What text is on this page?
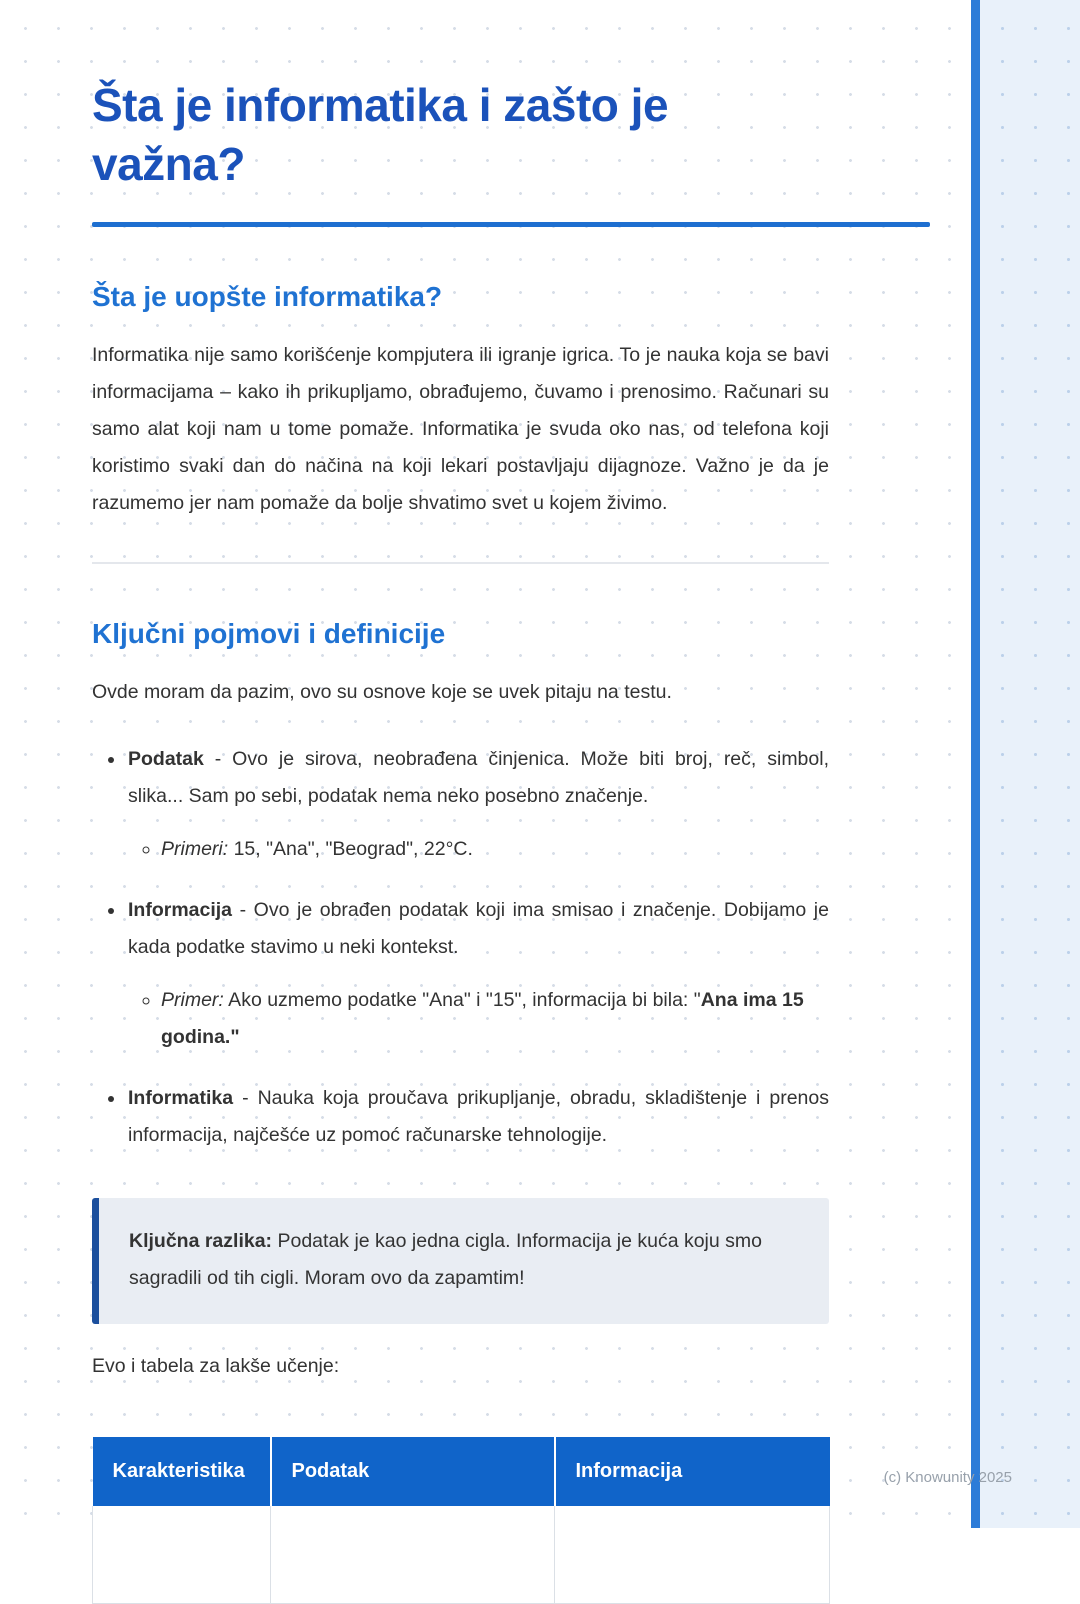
Šta je informatika i zašto je važna?
Šta je uopšte informatika?

Informatika nije samo korišćenje kompjutera ili igranje igrica. To je nauka koja se bavi informacijama – kako ih prikupljamo, obrađujemo, čuvamo i prenosimo. Računari su samo alat koji nam u tome pomaže. Informatika je svuda oko nas, od telefona koji koristimo svaki dan do načina na koji lekari postavljaju dijagnoze. Važno je da je razumemo jer nam pomaže da bolje shvatimo svet u kojem živimo.

Ključni pojmovi i definicije

Ovde moram da pazim, ovo su osnove koje se uvek pitaju na testu.

• Podatak - Ovo je sirova, neobrađena činjenica. Može biti broj, reč, simbol, slika... Sam po sebi, podatak nema neko posebno značenje.
◦ Primeri: 15, "Ana", "Beograd", 22°C.
• Informacija - Ovo je obrađen podatak koji ima smisao i značenje. Dobijamo je kada podatke stavimo u neki kontekst.
◦ Primer: Ako uzmemo podatke "Ana" i "15", informacija bi bila: "Ana ima 15 godina."
• Informatika - Nauka koja proučava prikupljanje, obradu, skladištenje i prenos informacija, najčešće uz pomoć računarske tehnologije.

Ključna razlika: Podatak je kao jedna cigla. Informacija je kuća koju smo sagradili od tih cigli. Moram ovo da zapamtim!

Evo i tabela za lakše učenje:

Karakteristika	Podatak	Informacija
			(c) Knowunity 2025
